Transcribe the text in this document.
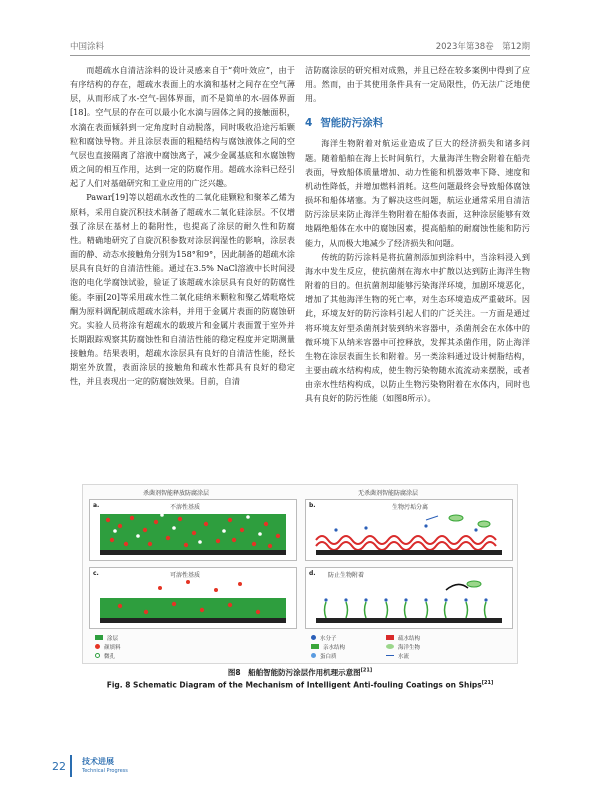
中国涂料	2023年第38卷　第12期

而超疏水自清洁涂料的设计灵感来自于“荷叶效应”，由于有序结构的存在，超疏水表面上的水滴和基材之间存在空气薄层，从而形成了水-空气-固体界面，而不是简单的水-固体界面[18]。空气层的存在可以最小化水滴与固体之间的接触面积，水滴在表面倾斜到一定角度时自动脱落，同时吸收沿途污垢颗粒和腐蚀导物。并且涂层表面的粗糙结构与腐蚀液体之间的空气层也直接隔离了溶液中腐蚀离子，减少金属基底和水腐蚀物质之间的相互作用，达到一定的防腐作用。超疏水涂料已经引起了人们对基础研究和工业应用的广泛兴趣。

Pawar[19]等以超疏水改性的二氧化硅颗粒和聚苯乙烯为原料，采用自旋沉积技术制备了超疏水二氧化硅涂层。不仅增强了涂层在基材上的黏附性，也提高了涂层的耐久性和防腐性。精确地研究了自旋沉积参数对涂层润湿性的影响，涂层表面的静、动态水接触角分别为158°和9°，因此制备的超疏水涂层具有良好的自清洁性能。通过在3.5% NaCl溶液中长时间浸泡的电化学腐蚀试验，验证了该超疏水涂层具有良好的防腐性能。李丽[20]等采用疏水性二氧化硅纳米颗粒和聚乙烯吡咯烷酮为原料调配制成超疏水涂料，并用于金属片表面的防腐蚀研究。实验人员将涂有超疏水的载玻片和金属片表面置于室外并长期跟踪观察其防腐蚀性和自清洁性能的稳定程度并定期测量接触角。结果表明，超疏水涂层具有良好的自清洁性能，经长期室外放置，表面涂层的接触角和疏水性都具有良好的稳定性，并且表现出一定的防腐蚀效果。目前，自清

洁防腐涂层的研究相对成熟，并且已经在较多案例中得到了应用。然而，由于其使用条件具有一定局限性，仍无法广泛地使用。

4 智能防污涂料

海洋生物附着对航运业造成了巨大的经济损失和诸多问题。随着船舶在海上长时间航行，大量海洋生物会附着在船壳表面，导致船体质量增加、动力性能和机器效率下降、速度和机动性降低，并增加燃料消耗。这些问题最终会导致船体腐蚀损坏和船体堵塞。为了解决这些问题，航运业通常采用自清洁防污涂层来防止海洋生物附着在船体表面，这种涂层能够有效地隔绝船体在水中的腐蚀因素，提高船舶的耐腐蚀性能和防污能力，从而极大地减少了经济损失和问题。

传统的防污涂料是将抗菌剂添加到涂料中，当涂料浸入到海水中发生反应，使抗菌剂在海水中扩散以达到防止海洋生物附着的目的。但抗菌剂却能够污染海洋环境，加剧环境恶化，增加了其他海洋生物的死亡率，对生态环境造成严重破坏。因此，环境友好的防污涂料引起人们的广泛关注。一方面是通过将环境友好型杀菌剂封装到纳米容器中，杀菌剂会在水体中的微环境下从纳米容器中可控释放，发挥其杀菌作用，防止海洋生物在涂层表面生长和附着。另一类涂料通过设计树脂结构，主要由疏水结构构成，使生物污染物随水流流动来摆脱，或者由亲水性结构构成，以防止生物污染物附着在水体内，同时也具有良好的防污性能（如图8所示）。

杀菌剂智能释放防腐涂层	无杀菌剂智能防腐涂层
a.	不溶性基质	b.	生物污垢分离
c.	可溶性基质	d. 防止生物附着
涂层
颜填料
微孔
水分子	疏水结构
亲水结构	海洋生物
蛋白质	水流
图8　船舶智能防污涂层作用机理示意图[21]
Fig. 8 Schematic Diagram of the Mechanism of Intelligent Anti-fouling Coatings on Ships[21]
22 技术进展
Technical Progress
